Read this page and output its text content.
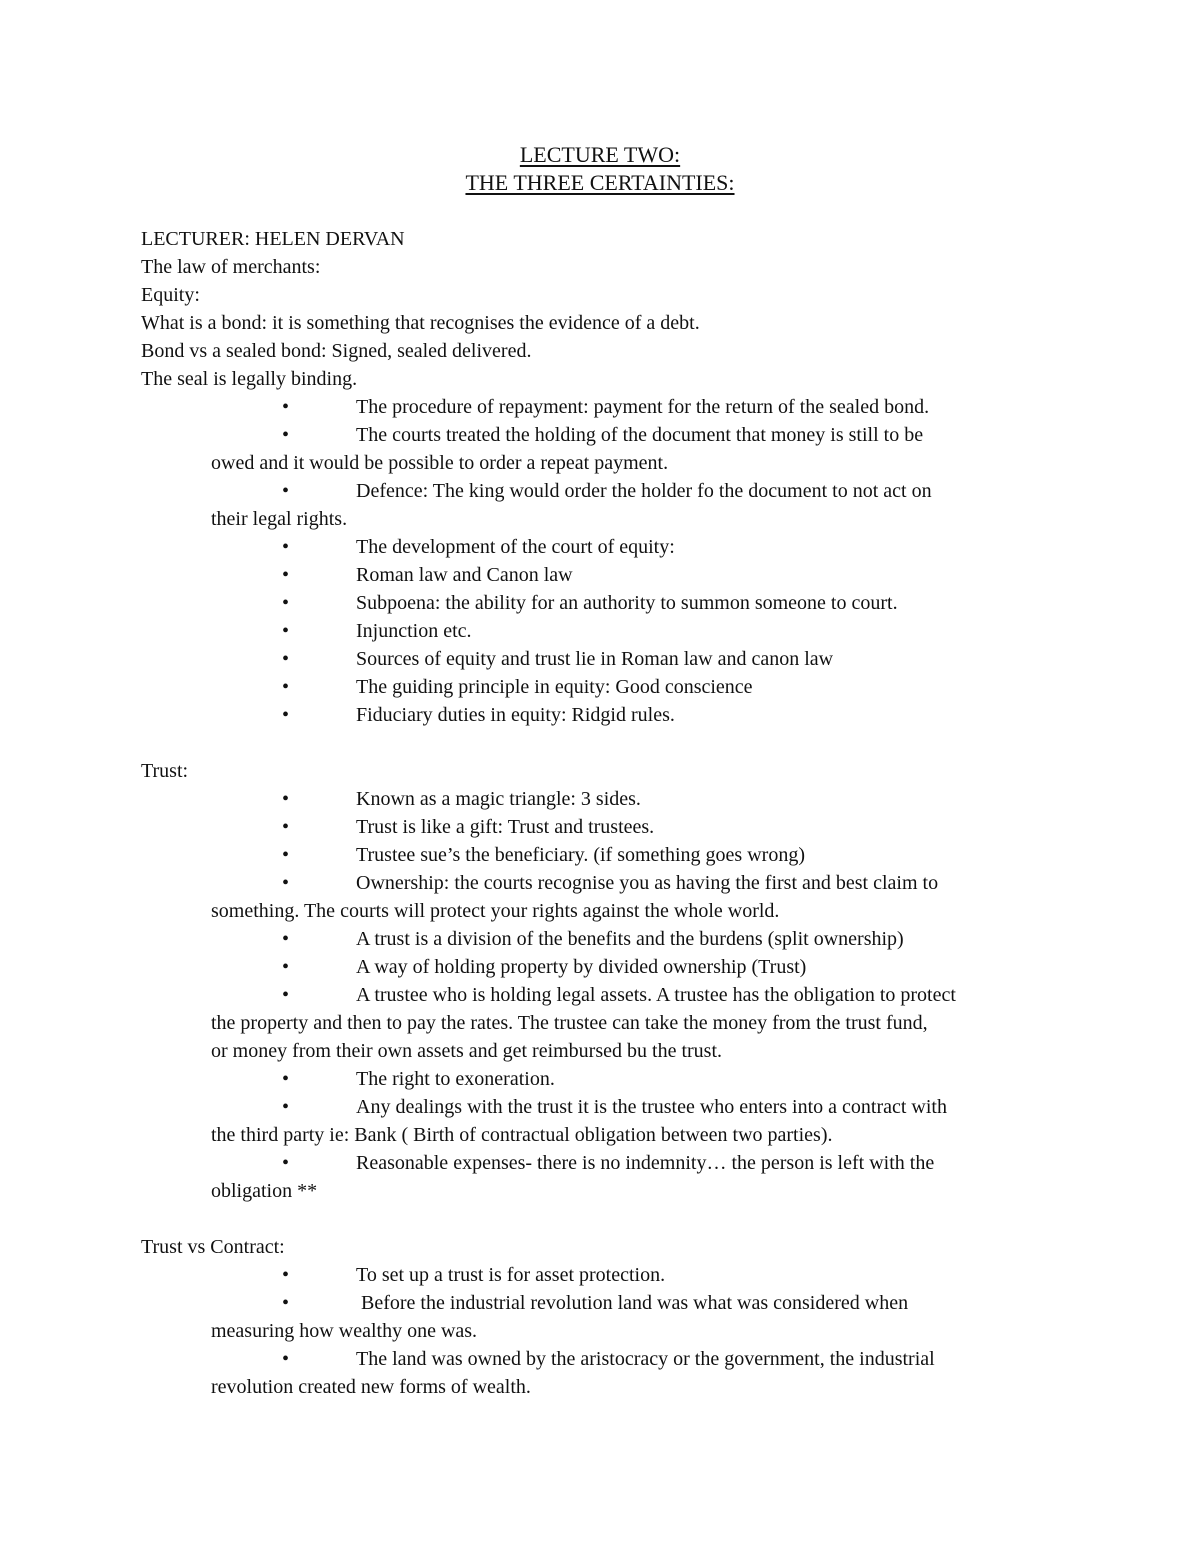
LECTURE TWO:
THE THREE CERTAINTIES:
LECTURER: HELEN DERVAN
The law of merchants:
Equity:
What is a bond: it is something that recognises the evidence of a debt.
Bond vs a sealed bond: Signed, sealed delivered.
The seal is legally binding.
•	The procedure of repayment: payment for the return of the sealed bond.
•	The courts treated the holding of the document that money is still to be
owed and it would be possible to order a repeat payment.
•	Defence: The king would order the holder fo the document to not act on
their legal rights.
•	The development of the court of equity:
•	Roman law and Canon law
•	Subpoena: the ability for an authority to summon someone to court.
•	Injunction etc.
•	Sources of equity and trust lie in Roman law and canon law
•	The guiding principle in equity: Good conscience
•	Fiduciary duties in equity: Ridgid rules.
Trust:
•	Known as a magic triangle: 3 sides.
•	Trust is like a gift: Trust and trustees.
•	Trustee sue’s the beneficiary. (if something goes wrong)
•	Ownership: the courts recognise you as having the first and best claim to
something. The courts will protect your rights against the whole world.
•	A trust is a division of the benefits and the burdens (split ownership)
•	A way of holding property by divided ownership (Trust)
•	A trustee who is holding legal assets. A trustee has the obligation to protect
the property and then to pay the rates. The trustee can take the money from the trust fund,
or money from their own assets and get reimbursed bu the trust.
•	The right to exoneration.
•	Any dealings with the trust it is the trustee who enters into a contract with
the third party ie: Bank ( Birth of contractual obligation between two parties).
•	Reasonable expenses- there is no indemnity… the person is left with the
obligation **
Trust vs Contract:
•	To set up a trust is for asset protection.
•	Before the industrial revolution land was what was considered when
measuring how wealthy one was.
•	The land was owned by the aristocracy or the government, the industrial
revolution created new forms of wealth.
